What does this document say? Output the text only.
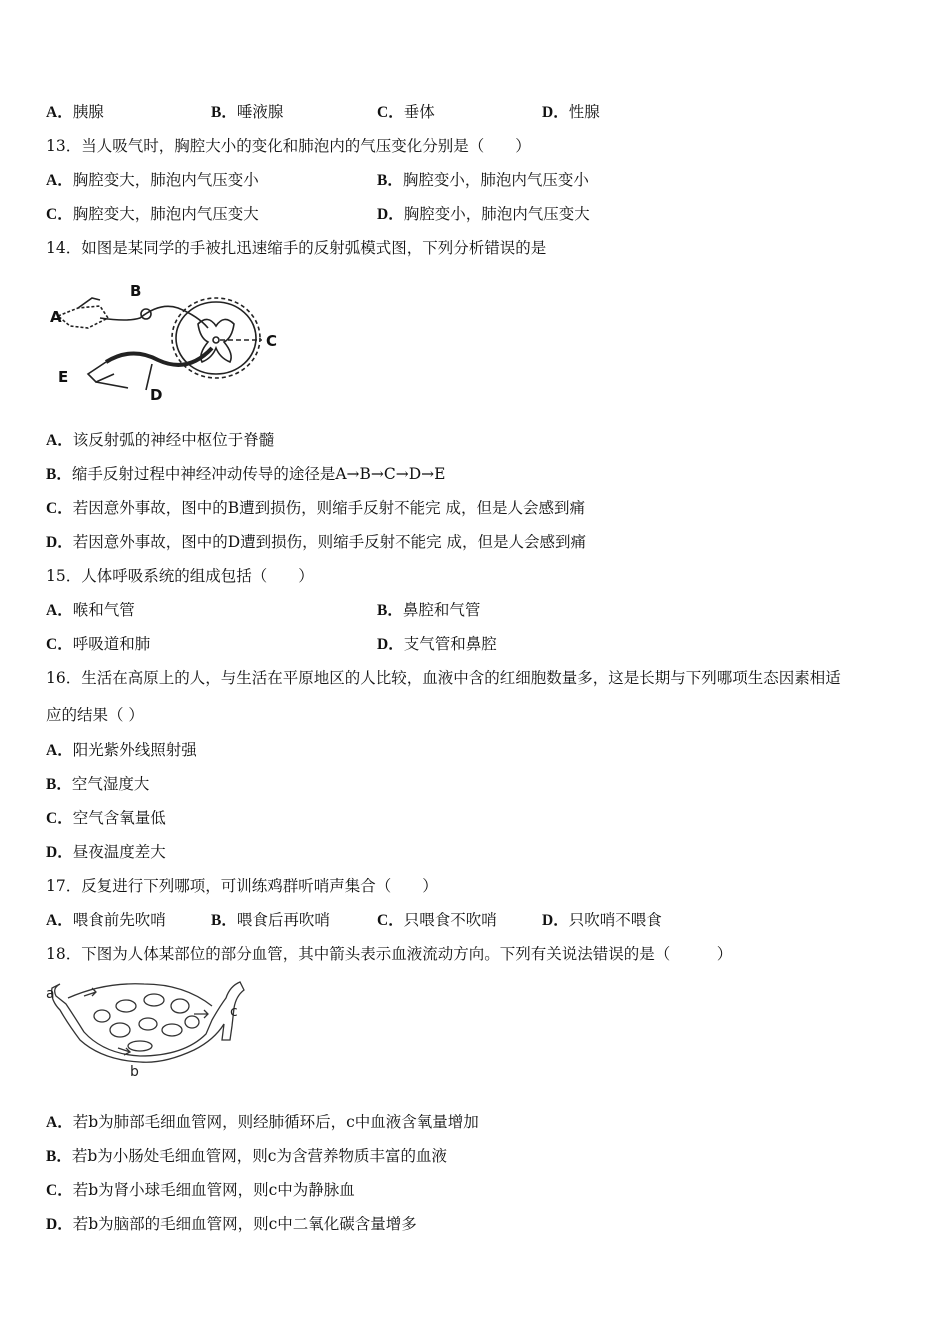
A．胰腺	B．唾液腺	C．垂体	D．性腺
13．当人吸气时，胸腔大小的变化和肺泡内的气压变化分别是（　　）
A．胸腔变大，肺泡内气压变小	B．胸腔变小，肺泡内气压变小
C．胸腔变大，肺泡内气压变大	D．胸腔变小，肺泡内气压变大
14．如图是某同学的手被扎迅速缩手的反射弧模式图，下列分析错误的是
A
B
C
D
E
A．该反射弧的神经中枢位于脊髓
B．缩手反射过程中神经冲动传导的途径是A→B→C→D→E
C．若因意外事故，图中的B遭到损伤，则缩手反射不能完 成，但是人会感到痛
D．若因意外事故，图中的D遭到损伤，则缩手反射不能完 成，但是人会感到痛
15．人体呼吸系统的组成包括（　　）
A．喉和气管	B．鼻腔和气管
C．呼吸道和肺	D．支气管和鼻腔
16．生活在高原上的人，与生活在平原地区的人比较，血液中含的红细胞数量多，这是长期与下列哪项生态因素相适
应的结果（ ）
A．阳光紫外线照射强
B．空气湿度大
C．空气含氧量低
D．昼夜温度差大
17．反复进行下列哪项，可训练鸡群听哨声集合（　　）
A．喂食前先吹哨	B．喂食后再吹哨	C．只喂食不吹哨	D．只吹哨不喂食
18．下图为人体某部位的部分血管，其中箭头表示血液流动方向。下列有关说法错误的是（　　　）
a
c
b
A．若b为肺部毛细血管网，则经肺循环后，c中血液含氧量增加
B．若b为小肠处毛细血管网，则c为含营养物质丰富的血液
C．若b为肾小球毛细血管网，则c中为静脉血
D．若b为脑部的毛细血管网，则c中二氧化碳含量增多
